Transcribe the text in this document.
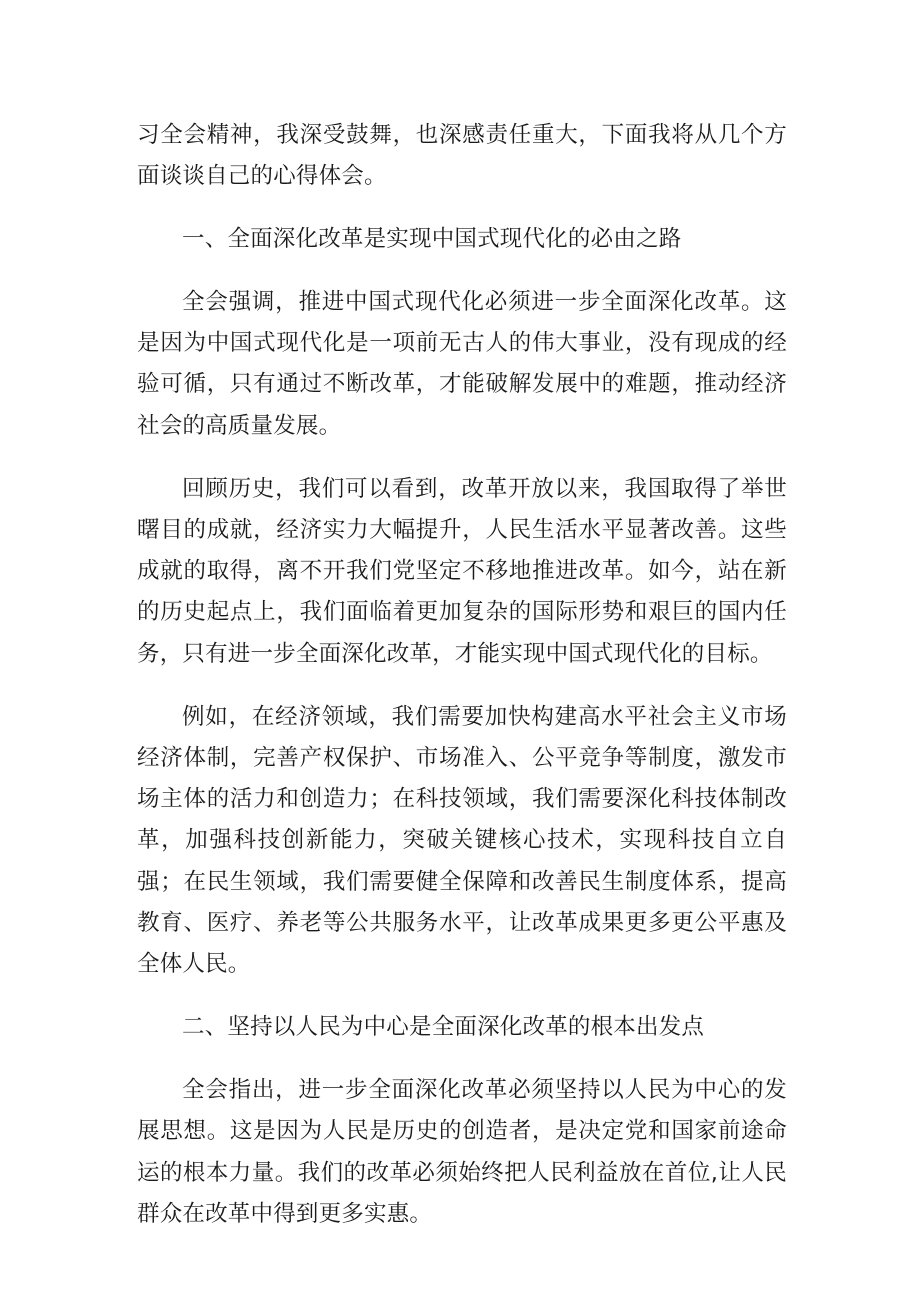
习全会精神，我深受鼓舞，也深感责任重大，下面我将从几个方面谈谈自己的心得体会。

一、全面深化改革是实现中国式现代化的必由之路

全会强调，推进中国式现代化必须进一步全面深化改革。这是因为中国式现代化是一项前无古人的伟大事业，没有现成的经验可循，只有通过不断改革，才能破解发展中的难题，推动经济社会的高质量发展。

回顾历史，我们可以看到，改革开放以来，我国取得了举世曙目的成就，经济实力大幅提升，人民生活水平显著改善。这些成就的取得，离不开我们党坚定不移地推进改革。如今，站在新的历史起点上，我们面临着更加复杂的国际形势和艰巨的国内任务，只有进一步全面深化改革，才能实现中国式现代化的目标。

例如，在经济领域，我们需要加快构建高水平社会主义市场经济体制，完善产权保护、市场准入、公平竞争等制度，激发市场主体的活力和创造力；在科技领域，我们需要深化科技体制改革，加强科技创新能力，突破关键核心技术，实现科技自立自强；在民生领域，我们需要健全保障和改善民生制度体系，提高教育、医疗、养老等公共服务水平，让改革成果更多更公平惠及全体人民。

二、坚持以人民为中心是全面深化改革的根本出发点

全会指出，进一步全面深化改革必须坚持以人民为中心的发展思想。这是因为人民是历史的创造者，是决定党和国家前途命运的根本力量。我们的改革必须始终把人民利益放在首位,让人民群众在改革中得到更多实惠。
